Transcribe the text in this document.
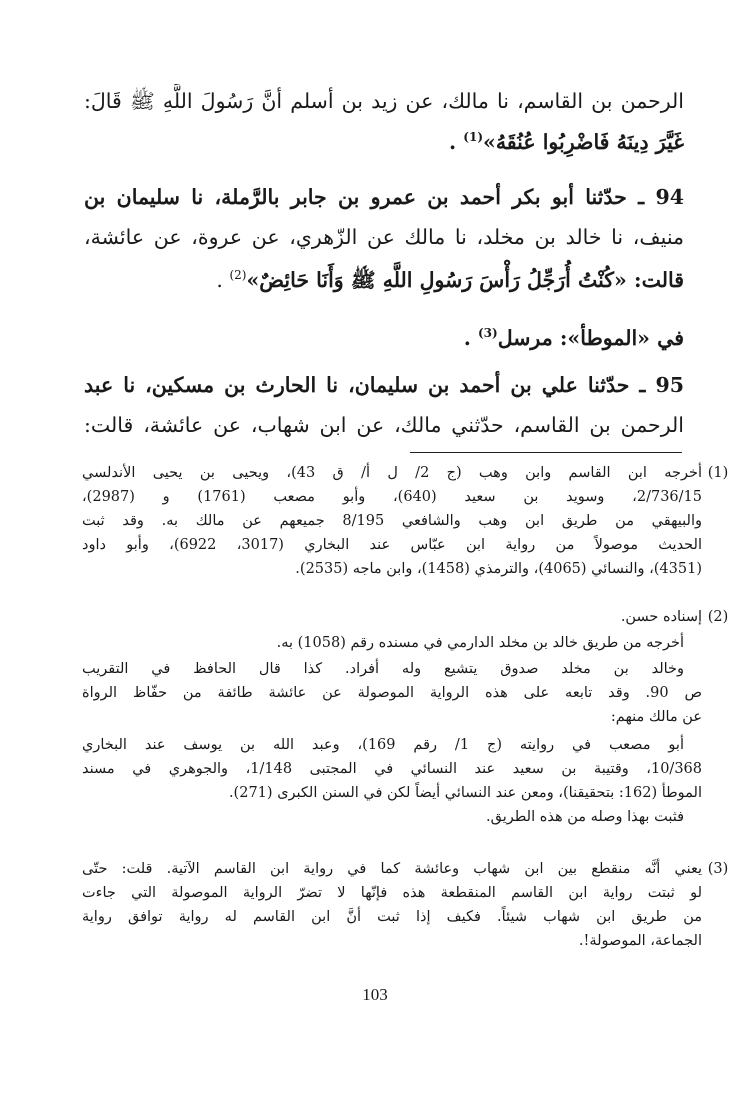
الرحمن بن القاسم، نا مالك، عن زيد بن أسلم أنَّ رَسُولَ اللَّهِ ﷺ قَالَ:
غَيَّرَ دِينَهُ فَاضْرِبُوا عُنُقَهُ»$^{(1)}$ .
94 ـ حدّثنا أبو بكر أحمد بن عمرو بن جابر بالرَّملة، نا سليمان بن
منيف، نا خالد بن مخلد، نا مالك عن الزّهري، عن عروة، عن عائشة،
قالت: «كُنْتُ أُرَجِّلُ رَأْسَ رَسُولِ اللَّهِ ﷺ وَأَنَا حَائِضٌ»$^{(2)}$ .
في «الموطأ»: مرسل$^{(3)}$ .
95 ـ حدّثنا علي بن أحمد بن سليمان، نا الحارث بن مسكين، نا عبد
الرحمن بن القاسم، حدّثني مالك، عن ابن شهاب، عن عائشة، قالت:
(1)
أخرجه ابن القاسم وابن وهب (ج 2/ ل أ/ ق 43)، ويحيى بن يحيى الأندلسي
2/736/15، وسويد بن سعيد (640)، وأبو مصعب (1761) و (2987)،
والبيهقي من طريق ابن وهب والشافعي 8/195 جميعهم عن مالك به. وقد ثبت
الحديث موصولاً من رواية ابن عبّاس عند البخاري (3017، 6922)، وأبو داود
(4351)، والنسائي (4065)، والترمذي (1458)، وابن ماجه (2535).
(2)
إسناده حسن.
أخرجه من طريق خالد بن مخلد الدارمي في مسنده رقم (1058) به.
وخالد بن مخلد صدوق يتشيع وله أفراد. كذا قال الحافظ في التقريب
ص 90. وقد تابعه على هذه الرواية الموصولة عن عائشة طائفة من حفّاظ الرواة
عن مالك منهم:
أبو مصعب في روايته (ج 1/ رقم 169)، وعبد الله بن يوسف عند البخاري
10/368، وقتيبة بن سعيد عند النسائي في المجتبى 1/148، والجوهري في مسند
الموطأ (162: بتحقيقنا)، ومعن عند النسائي أيضاً لكن في السنن الكبرى (271).
فثبت بهذا وصله من هذه الطريق.
(3)
يعني أنَّه منقطع بين ابن شهاب وعائشة كما في رواية ابن القاسم الآتية. قلت: حتّى
لو ثبتت رواية ابن القاسم المنقطعة هذه فإنّها لا تضرّ الرواية الموصولة التي جاءت
من طريق ابن شهاب شيئاً. فكيف إذا ثبت أنَّ ابن القاسم له رواية توافق رواية
الجماعة، الموصولة!.
103
